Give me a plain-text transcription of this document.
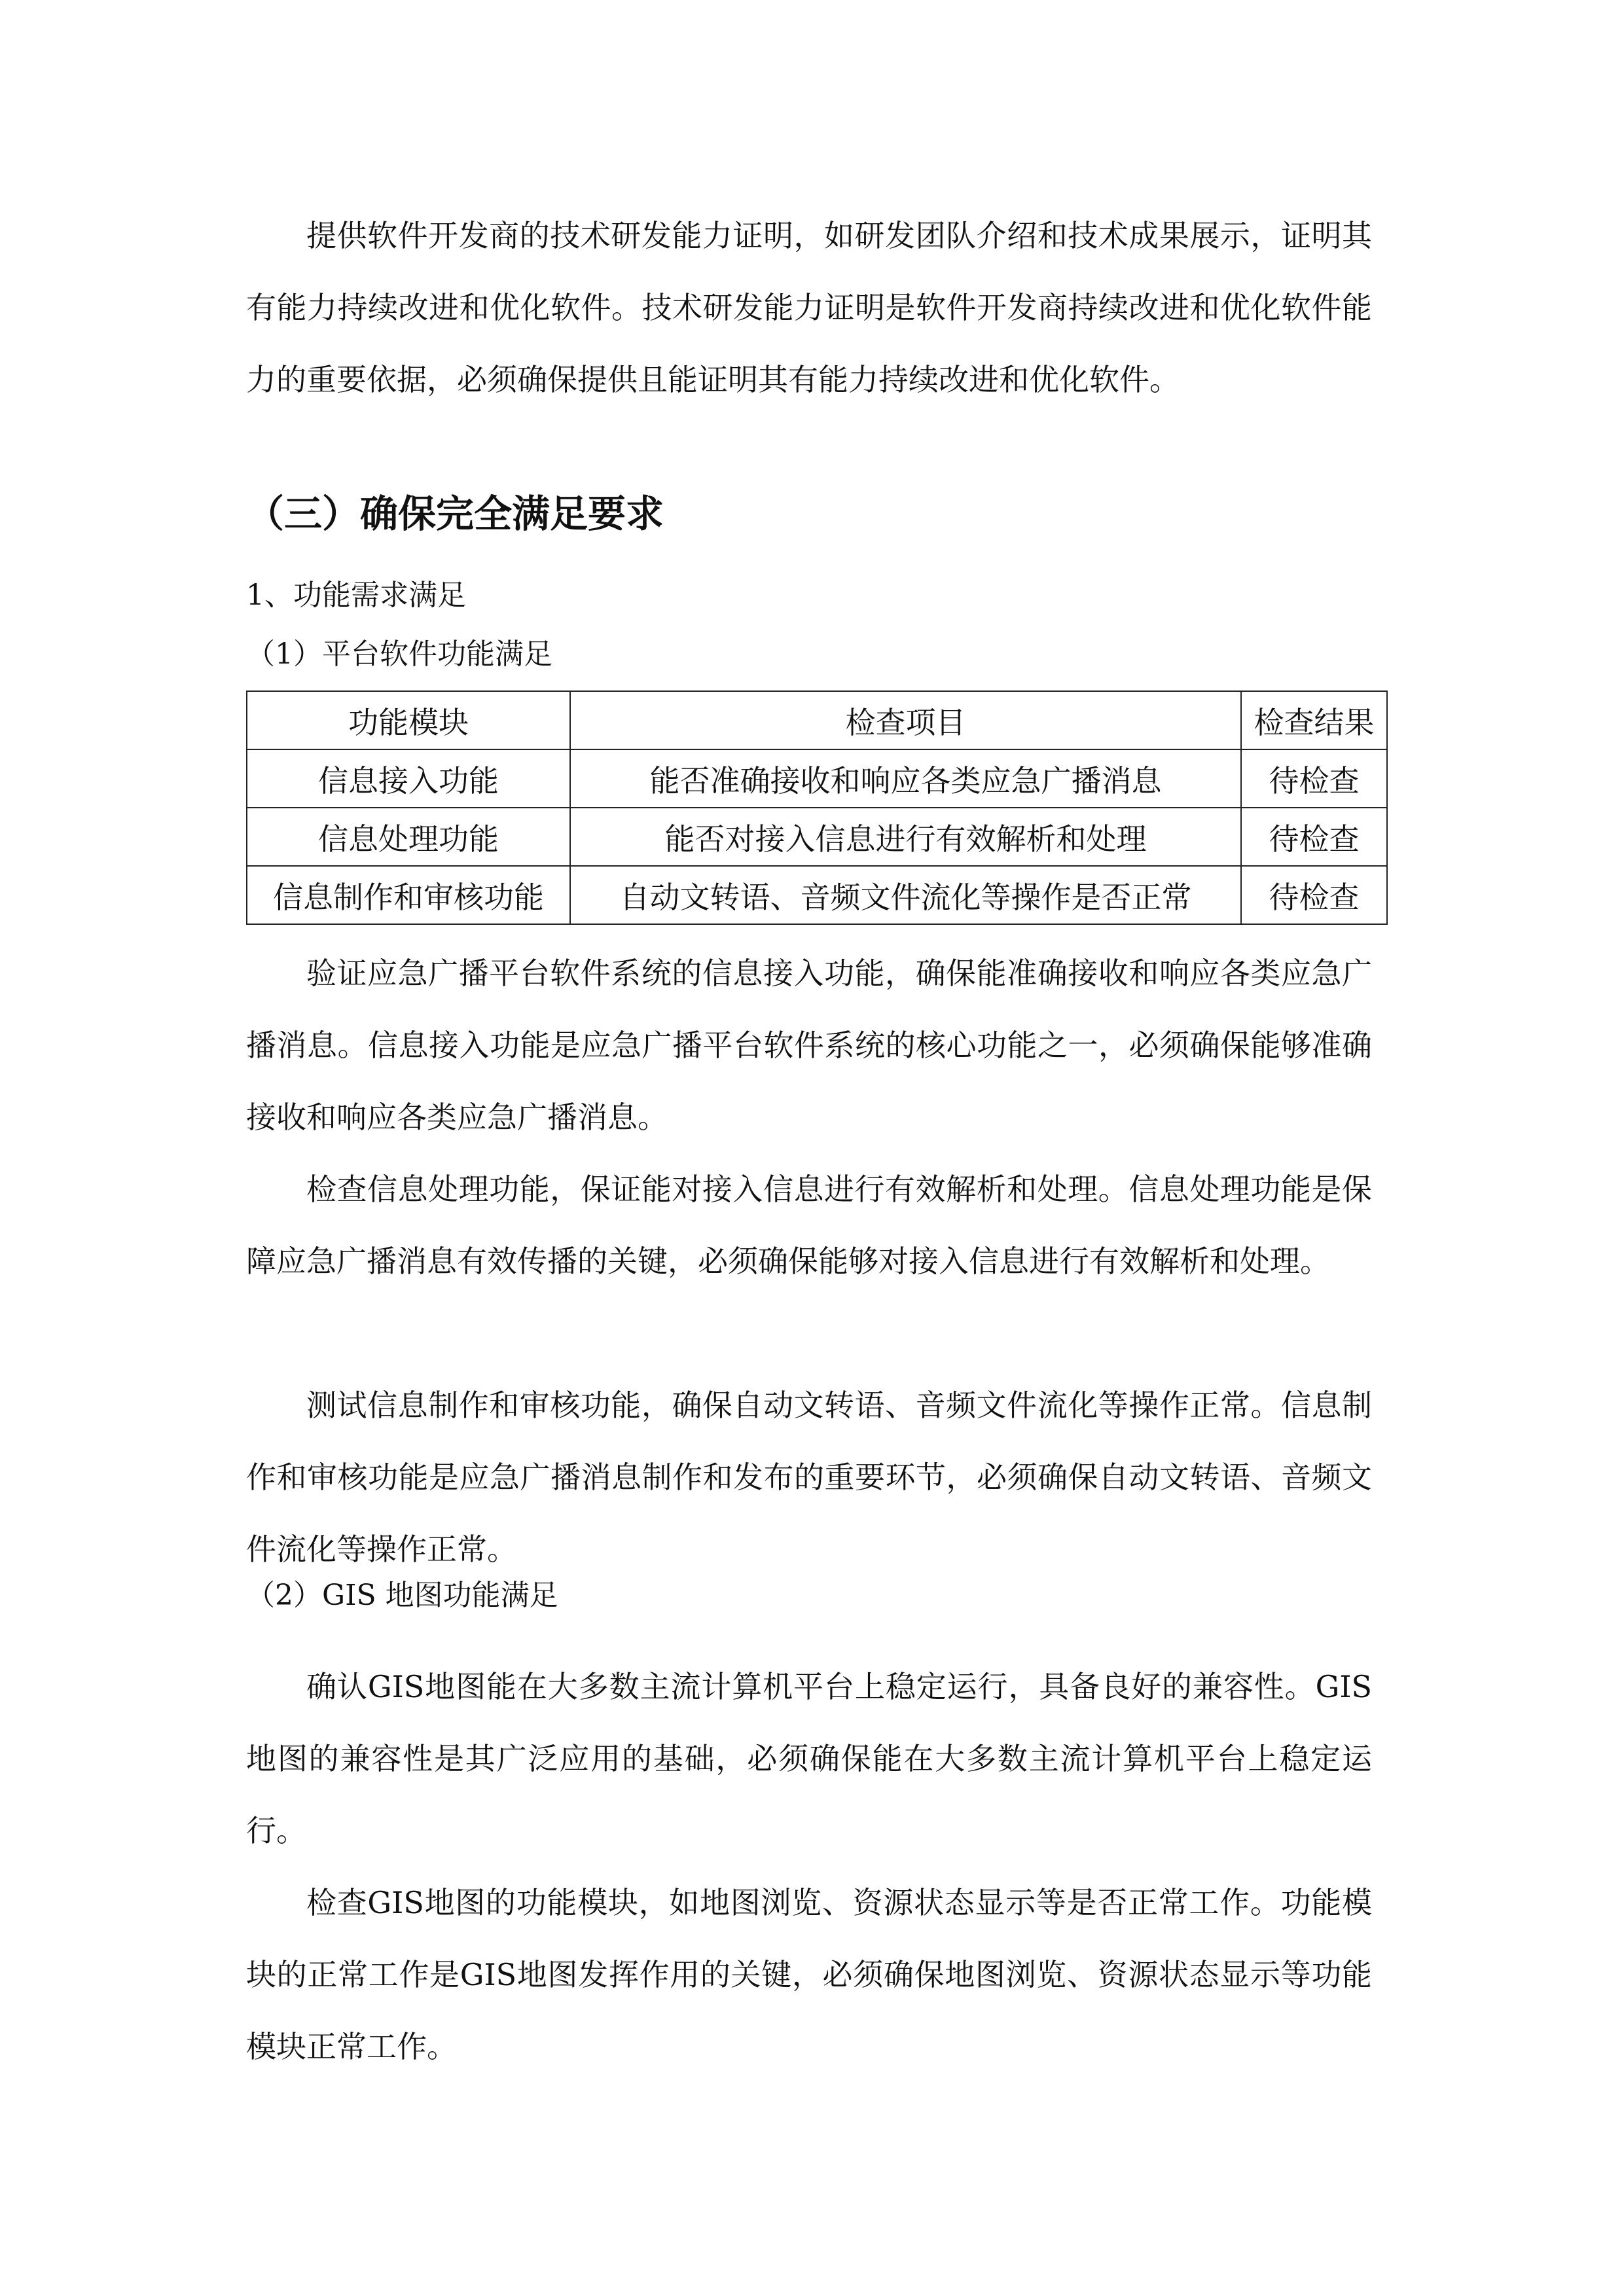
提供软件开发商的技术研发能力证明，如研发团队介绍和技术成果展示，证明其有能力持续改进和优化软件。技术研发能力证明是软件开发商持续改进和优化软件能力的重要依据，必须确保提供且能证明其有能力持续改进和优化软件。

（三）确保完全满足要求
1、功能需求满足
（1）平台软件功能满足
功能模块	检查项目	检查结果
信息接入功能	能否准确接收和响应各类应急广播消息	待检查
信息处理功能	能否对接入信息进行有效解析和处理	待检查
信息制作和审核功能	自动文转语、音频文件流化等操作是否正常	待检查

验证应急广播平台软件系统的信息接入功能，确保能准确接收和响应各类应急广播消息。信息接入功能是应急广播平台软件系统的核心功能之一，必须确保能够准确接收和响应各类应急广播消息。

检查信息处理功能，保证能对接入信息进行有效解析和处理。信息处理功能是保障应急广播消息有效传播的关键，必须确保能够对接入信息进行有效解析和处理。

测试信息制作和审核功能，确保自动文转语、音频文件流化等操作正常。信息制作和审核功能是应急广播消息制作和发布的重要环节，必须确保自动文转语、音频文件流化等操作正常。

（2）GIS 地图功能满足

确认GIS地图能在大多数主流计算机平台上稳定运行，具备良好的兼容性。GIS地图的兼容性是其广泛应用的基础，必须确保能在大多数主流计算机平台上稳定运行。

检查GIS地图的功能模块，如地图浏览、资源状态显示等是否正常工作。功能模块的正常工作是GIS地图发挥作用的关键，必须确保地图浏览、资源状态显示等功能模块正常工作。
